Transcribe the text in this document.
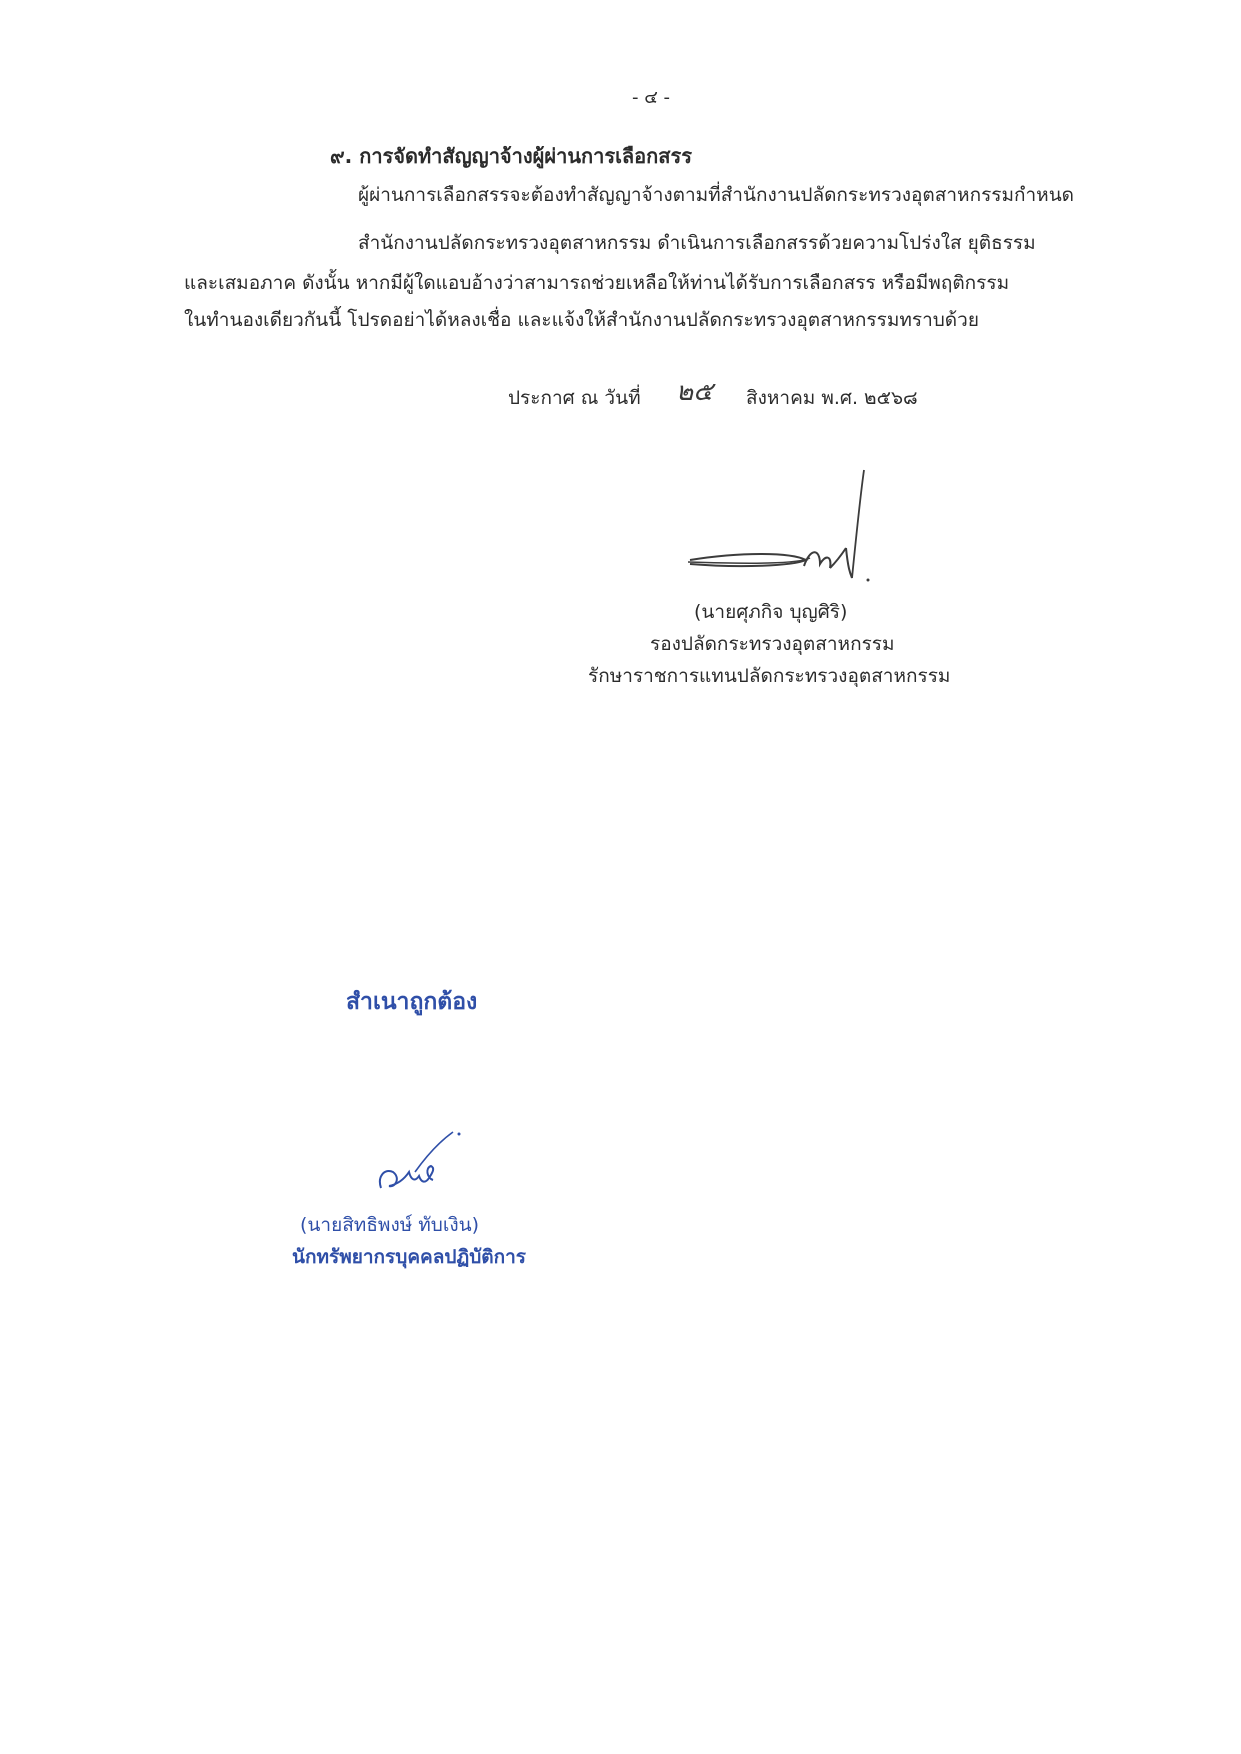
- ๔ -
๙. การจัดทำสัญญาจ้างผู้ผ่านการเลือกสรร
ผู้ผ่านการเลือกสรรจะต้องทำสัญญาจ้างตามที่สำนักงานปลัดกระทรวงอุตสาหกรรมกำหนด
สำนักงานปลัดกระทรวงอุตสาหกรรม ดำเนินการเลือกสรรด้วยความโปร่งใส ยุติธรรม
และเสมอภาค ดังนั้น หากมีผู้ใดแอบอ้างว่าสามารถช่วยเหลือให้ท่านได้รับการเลือกสรร หรือมีพฤติกรรม
ในทำนองเดียวกันนี้ โปรดอย่าได้หลงเชื่อ และแจ้งให้สำนักงานปลัดกระทรวงอุตสาหกรรมทราบด้วย
ประกาศ ณ วันที่ ๒๕ สิงหาคม พ.ศ. ๒๕๖๘
(นายศุภกิจ บุญศิริ)
รองปลัดกระทรวงอุตสาหกรรม
รักษาราชการแทนปลัดกระทรวงอุตสาหกรรม
สำเนาถูกต้อง
(นายสิทธิพงษ์ ทับเงิน)
นักทรัพยากรบุคคลปฏิบัติการ
